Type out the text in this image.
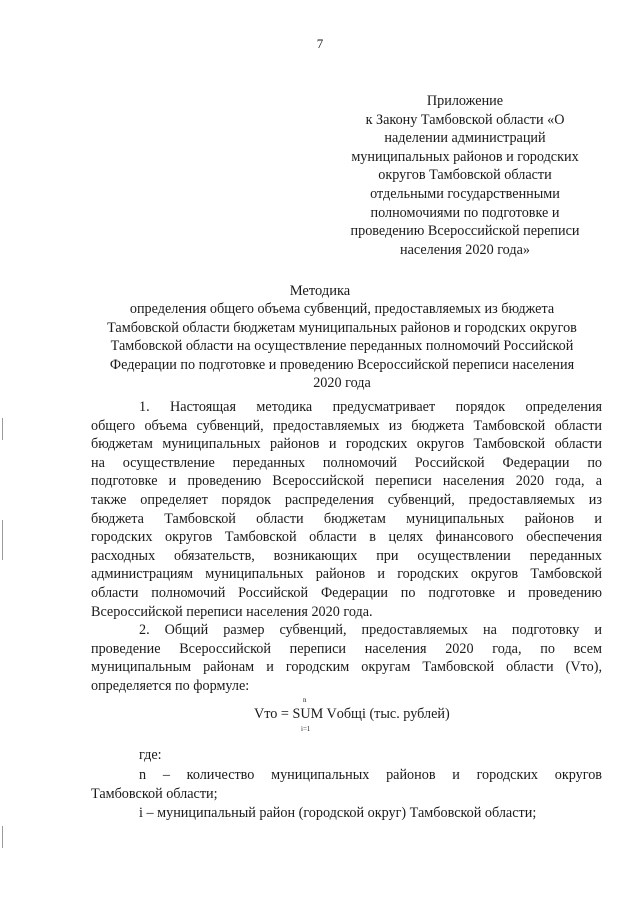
7
Приложение
к Закону Тамбовской области «О
наделении администраций
муниципальных районов и городских
округов Тамбовской области
отдельными государственными
полномочиями по подготовке и
проведению Всероссийской переписи
населения 2020 года»
Методика
определения общего объема субвенций, предоставляемых из бюджета
Тамбовской области бюджетам муниципальных районов и городских округов
Тамбовской области на осуществление переданных полномочий Российской
Федерации по подготовке и проведению Всероссийской переписи населения
2020 года
1. Настоящая методика предусматривает порядок определения
общего объема субвенций, предоставляемых из бюджета Тамбовской области
бюджетам муниципальных районов и городских округов Тамбовской области
на осуществление переданных полномочий Российской Федерации по
подготовке и проведению Всероссийской переписи населения 2020 года, а
также определяет порядок распределения субвенций, предоставляемых из
бюджета Тамбовской области бюджетам муниципальных районов и
городских округов Тамбовской области в целях финансового обеспечения
расходных обязательств, возникающих при осуществлении переданных
администрациям муниципальных районов и городских округов Тамбовской
области полномочий Российской Федерации по подготовке и проведению
Всероссийской переписи населения 2020 года.
2. Общий размер субвенций, предоставляемых на подготовку и
проведение Всероссийской переписи населения 2020 года, по всем
муниципальным районам и городским округам Тамбовской области (Vто),
определяется по формуле:
n
Vто = SUM Vобщі (тыс. рублей)
i=1
где:
n – количество муниципальных районов и городских округов
Тамбовской области;
i – муниципальный район (городской округ) Тамбовской области;
